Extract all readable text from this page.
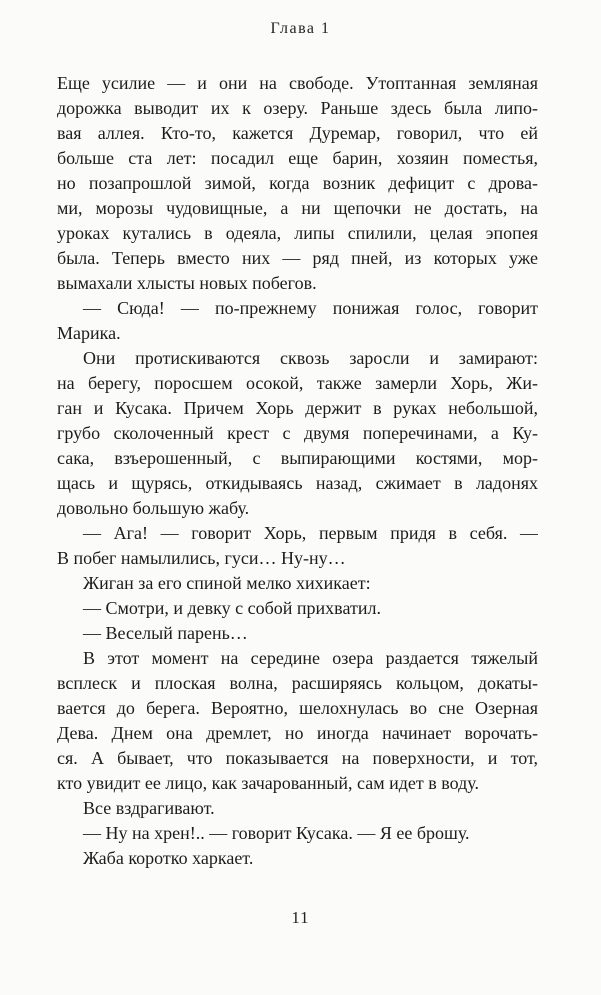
Глава 1
Еще усилие — и они на свободе. Утоптанная земляная
дорожка выводит их к озеру. Раньше здесь была липо-
вая аллея. Кто-то, кажется Дуремар, говорил, что ей
больше ста лет: посадил еще барин, хозяин поместья,
но позапрошлой зимой, когда возник дефицит с дрова-
ми, морозы чудовищные, а ни щепочки не достать, на
уроках кутались в одеяла, липы спилили, целая эпопея
была. Теперь вместо них — ряд пней, из которых уже
вымахали хлысты новых побегов.
— Сюда! — по-прежнему понижая голос, говорит
Марика.
Они протискиваются сквозь заросли и замирают:
на берегу, поросшем осокой, также замерли Хорь, Жи-
ган и Кусака. Причем Хорь держит в руках небольшой,
грубо сколоченный крест с двумя поперечинами, а Ку-
сака, взъерошенный, с выпирающими костями, мор-
щась и щурясь, откидываясь назад, сжимает в ладонях
довольно большую жабу.
— Ага! — говорит Хорь, первым придя в себя. —
В побег намылились, гуси… Ну-ну…
Жиган за его спиной мелко хихикает:
— Смотри, и девку с собой прихватил.
— Веселый парень…
В этот момент на середине озера раздается тяжелый
всплеск и плоская волна, расширяясь кольцом, докаты-
вается до берега. Вероятно, шелохнулась во сне Озерная
Дева. Днем она дремлет, но иногда начинает ворочать-
ся. А бывает, что показывается на поверхности, и тот,
кто увидит ее лицо, как зачарованный, сам идет в воду.
Все вздрагивают.
— Ну на хрен!.. — говорит Кусака. — Я ее брошу.
Жаба коротко харкает.
11
